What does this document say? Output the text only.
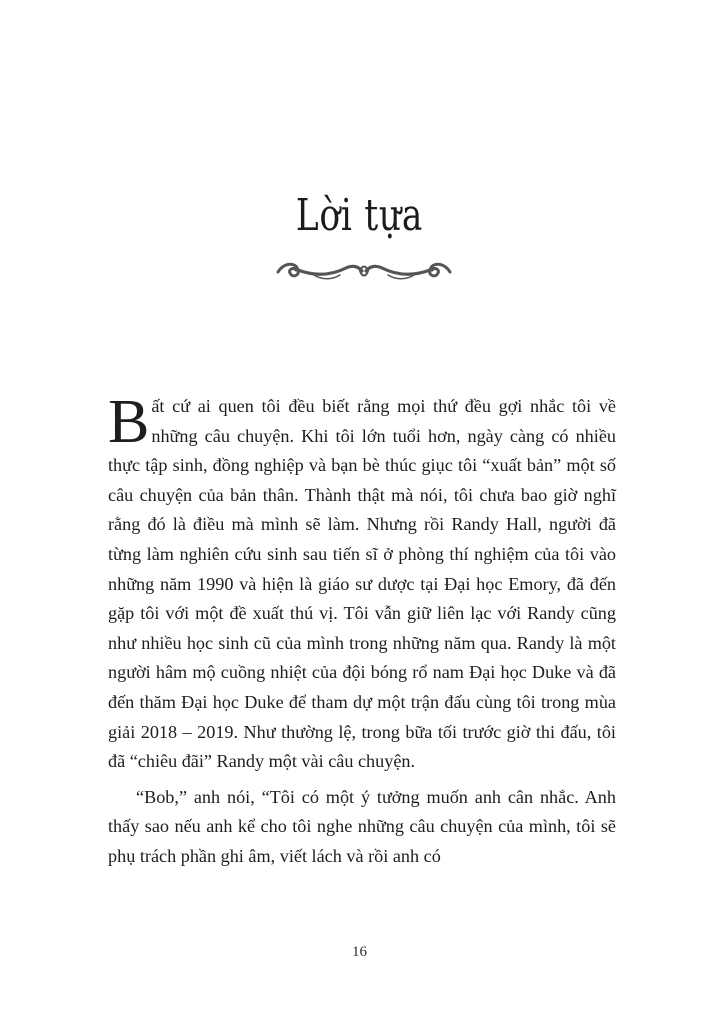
Lời tựa

Bất cứ ai quen tôi đều biết rằng mọi thứ đều gợi nhắc tôi về những câu chuyện. Khi tôi lớn tuổi hơn, ngày càng có nhiều thực tập sinh, đồng nghiệp và bạn bè thúc giục tôi “xuất bản” một số câu chuyện của bản thân. Thành thật mà nói, tôi chưa bao giờ nghĩ rằng đó là điều mà mình sẽ làm. Nhưng rồi Randy Hall, người đã từng làm nghiên cứu sinh sau tiến sĩ ở phòng thí nghiệm của tôi vào những năm 1990 và hiện là giáo sư dược tại Đại học Emory, đã đến gặp tôi với một đề xuất thú vị. Tôi vẫn giữ liên lạc với Randy cũng như nhiều học sinh cũ của mình trong những năm qua. Randy là một người hâm mộ cuồng nhiệt của đội bóng rổ nam Đại học Duke và đã đến thăm Đại học Duke để tham dự một trận đấu cùng tôi trong mùa giải 2018 – 2019. Như thường lệ, trong bữa tối trước giờ thi đấu, tôi đã “chiêu đãi” Randy một vài câu chuyện.

“Bob,” anh nói, “Tôi có một ý tưởng muốn anh cân nhắc. Anh thấy sao nếu anh kể cho tôi nghe những câu chuyện của mình, tôi sẽ phụ trách phần ghi âm, viết lách và rồi anh có

16
